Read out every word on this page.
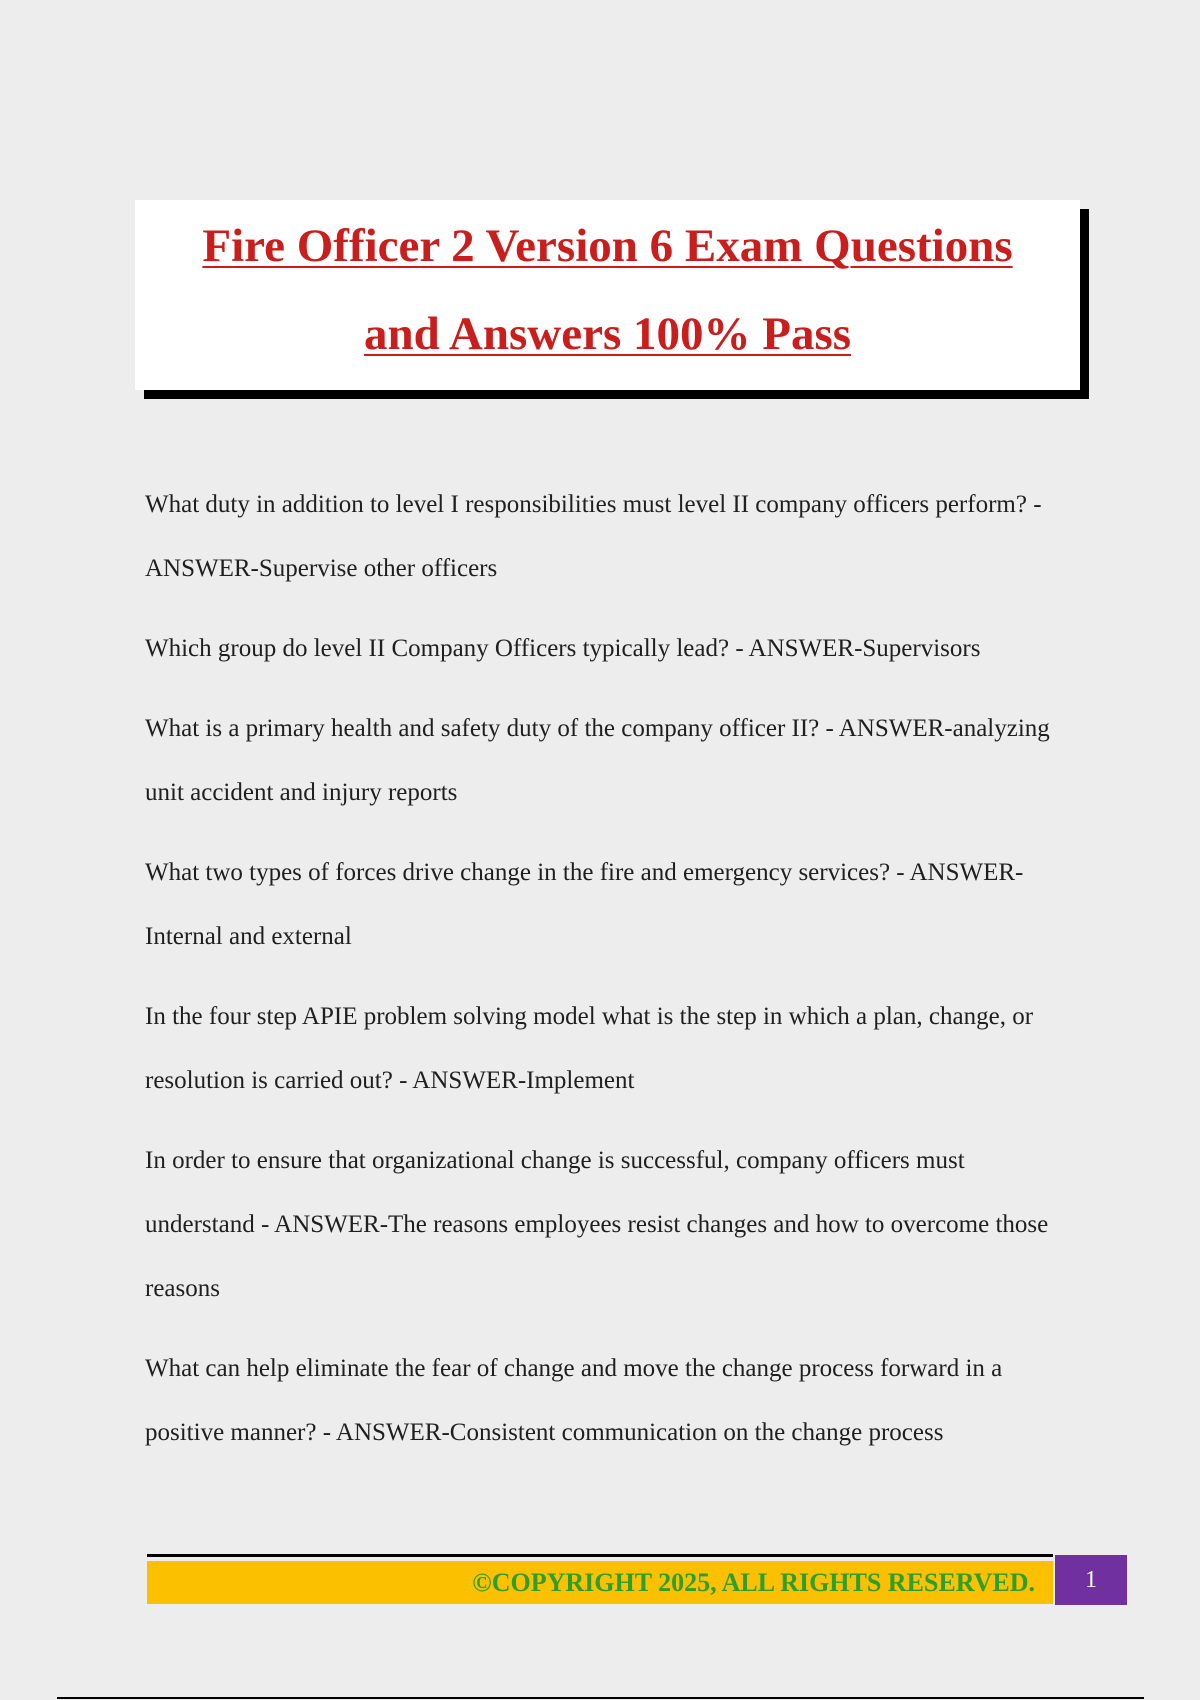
Fire Officer 2 Version 6 Exam Questions
and Answers 100% Pass

What duty in addition to level I responsibilities must level II company officers perform? - ANSWER-Supervise other officers

Which group do level II Company Officers typically lead? - ANSWER-Supervisors

What is a primary health and safety duty of the company officer II? - ANSWER-analyzing unit accident and injury reports

What two types of forces drive change in the fire and emergency services? - ANSWER-Internal and external

In the four step APIE problem solving model what is the step in which a plan, change, or resolution is carried out? - ANSWER-Implement

In order to ensure that organizational change is successful, company officers must understand - ANSWER-The reasons employees resist changes and how to overcome those reasons

What can help eliminate the fear of change and move the change process forward in a positive manner? - ANSWER-Consistent communication on the change process

©COPYRIGHT 2025, ALL RIGHTS RESERVED.	1
